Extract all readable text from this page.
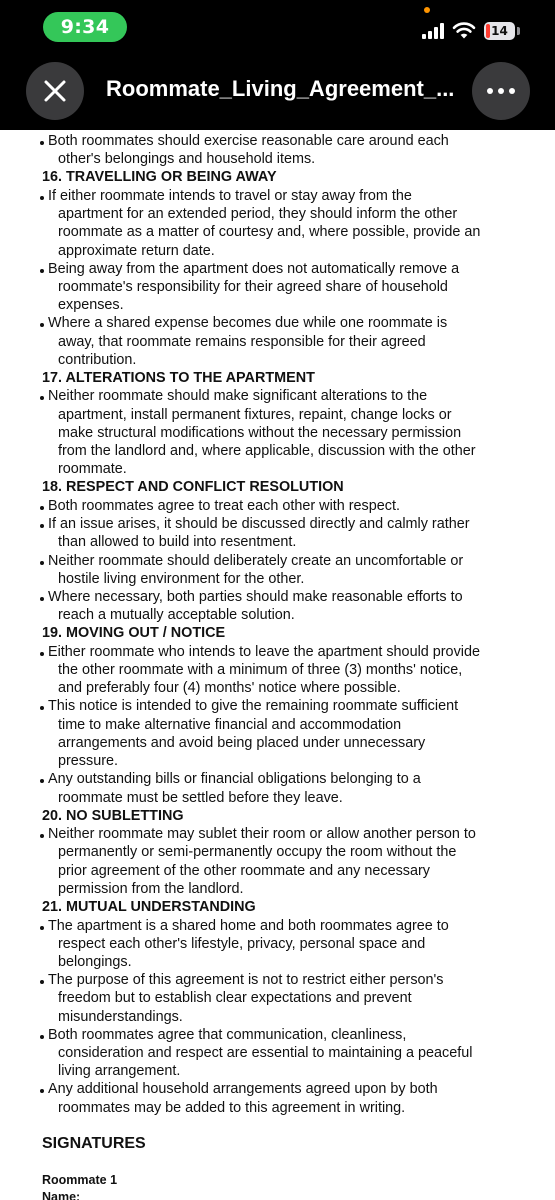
9:34	14
Roommate_Living_Agreement_...

Both roommates should exercise reasonable care around each
other's belongings and household items.

16. TRAVELLING OR BEING AWAY

If either roommate intends to travel or stay away from the
apartment for an extended period, they should inform the other
roommate as a matter of courtesy and, where possible, provide an
approximate return date.

Being away from the apartment does not automatically remove a
roommate's responsibility for their agreed share of household
expenses.

Where a shared expense becomes due while one roommate is
away, that roommate remains responsible for their agreed
contribution.

17. ALTERATIONS TO THE APARTMENT

Neither roommate should make significant alterations to the
apartment, install permanent fixtures, repaint, change locks or
make structural modifications without the necessary permission
from the landlord and, where applicable, discussion with the other
roommate.

18. RESPECT AND CONFLICT RESOLUTION

Both roommates agree to treat each other with respect.

If an issue arises, it should be discussed directly and calmly rather
than allowed to build into resentment.

Neither roommate should deliberately create an uncomfortable or
hostile living environment for the other.

Where necessary, both parties should make reasonable efforts to
reach a mutually acceptable solution.

19. MOVING OUT / NOTICE

Either roommate who intends to leave the apartment should provide
the other roommate with a minimum of three (3) months' notice,
and preferably four (4) months' notice where possible.

This notice is intended to give the remaining roommate sufficient
time to make alternative financial and accommodation
arrangements and avoid being placed under unnecessary
pressure.

Any outstanding bills or financial obligations belonging to a
roommate must be settled before they leave.

20. NO SUBLETTING

Neither roommate may sublet their room or allow another person to
permanently or semi-permanently occupy the room without the
prior agreement of the other roommate and any necessary
permission from the landlord.

21. MUTUAL UNDERSTANDING

The apartment is a shared home and both roommates agree to
respect each other's lifestyle, privacy, personal space and
belongings.

The purpose of this agreement is not to restrict either person's
freedom but to establish clear expectations and prevent
misunderstandings.

Both roommates agree that communication, cleanliness,
consideration and respect are essential to maintaining a peaceful
living arrangement.

Any additional household arrangements agreed upon by both
roommates may be added to this agreement in writing.

SIGNATURES

Roommate 1

Name:
